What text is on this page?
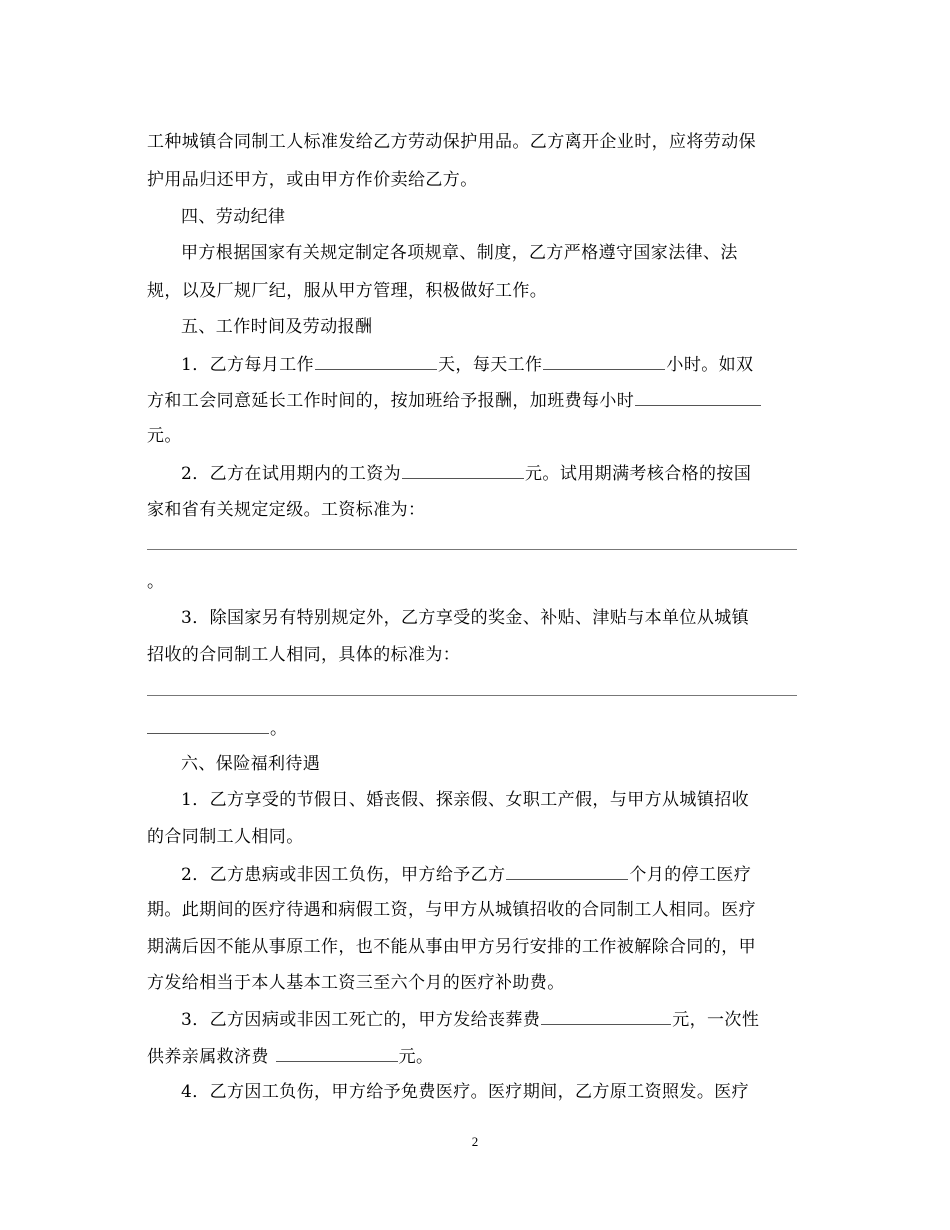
工种城镇合同制工人标准发给乙方劳动保护用品。乙方离开企业时，应将劳动保
护用品归还甲方，或由甲方作价卖给乙方。
四、劳动纪律
甲方根据国家有关规定制定各项规章、制度，乙方严格遵守国家法律、法
规，以及厂规厂纪，服从甲方管理，积极做好工作。
五、工作时间及劳动报酬
1．乙方每月工作	天，每天工作	小时。如双
方和工会同意延长工作时间的，按加班给予报酬，加班费每小时
元。
2．乙方在试用期内的工资为	元。试用期满考核合格的按国
家和省有关规定定级。工资标准为：
。
3．除国家另有特别规定外，乙方享受的奖金、补贴、津贴与本单位从城镇
招收的合同制工人相同，具体的标准为：
。
六、保险福利待遇
1．乙方享受的节假日、婚丧假、探亲假、女职工产假，与甲方从城镇招收
的合同制工人相同。
2．乙方患病或非因工负伤，甲方给予乙方	个月的停工医疗
期。此期间的医疗待遇和病假工资，与甲方从城镇招收的合同制工人相同。医疗
期满后因不能从事原工作，也不能从事由甲方另行安排的工作被解除合同的，甲
方发给相当于本人基本工资三至六个月的医疗补助费。
3．乙方因病或非因工死亡的，甲方发给丧葬费	元，一次性
供养亲属救济费	元。
4．乙方因工负伤，甲方给予免费医疗。医疗期间，乙方原工资照发。医疗
2
